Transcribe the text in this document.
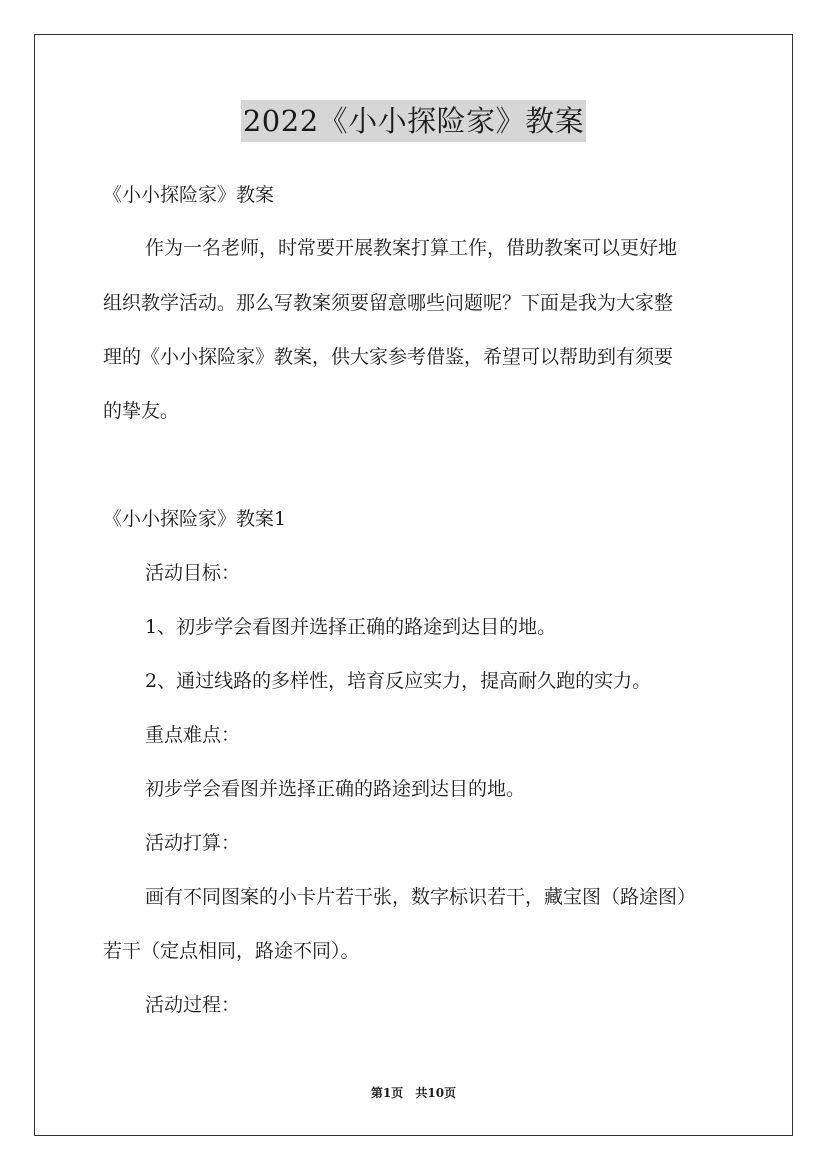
2022《小小探险家》教案
《小小探险家》教案
作为一名老师，时常要开展教案打算工作，借助教案可以更好地
组织教学活动。那么写教案须要留意哪些问题呢？下面是我为大家整
理的《小小探险家》教案，供大家参考借鉴，希望可以帮助到有须要
的挚友。
《小小探险家》教案1
活动目标：
1、初步学会看图并选择正确的路途到达目的地。
2、通过线路的多样性，培育反应实力，提高耐久跑的实力。
重点难点：
初步学会看图并选择正确的路途到达目的地。
活动打算：
画有不同图案的小卡片若干张，数字标识若干，藏宝图（路途图）
若干（定点相同，路途不同）。
活动过程：
第1页 共10页
